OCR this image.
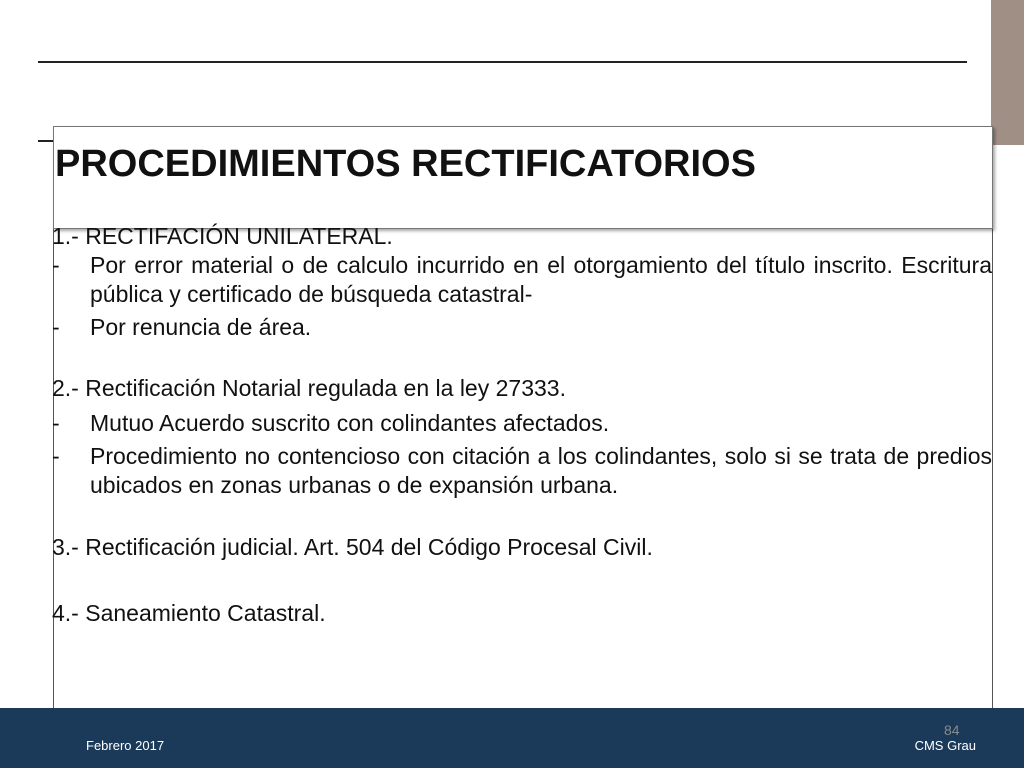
PROCEDIMIENTOS RECTIFICATORIOS

1.- RECTIFACIÓN UNILATERAL.

-	Por error material o de calculo incurrido en el otorgamiento del título inscrito. Escritura pública y certificado de búsqueda catastral-
-	Por renuncia de área.

2.- Rectificación Notarial regulada en la ley 27333.

-	Mutuo Acuerdo suscrito con colindantes afectados.
-	Procedimiento no contencioso con citación a los colindantes, solo si se trata de predios ubicados en zonas urbanas o de expansión urbana.

3.- Rectificación judicial. Art. 504 del Código Procesal Civil.

4.- Saneamiento Catastral.

84
Febrero 2017	CMS Grau
